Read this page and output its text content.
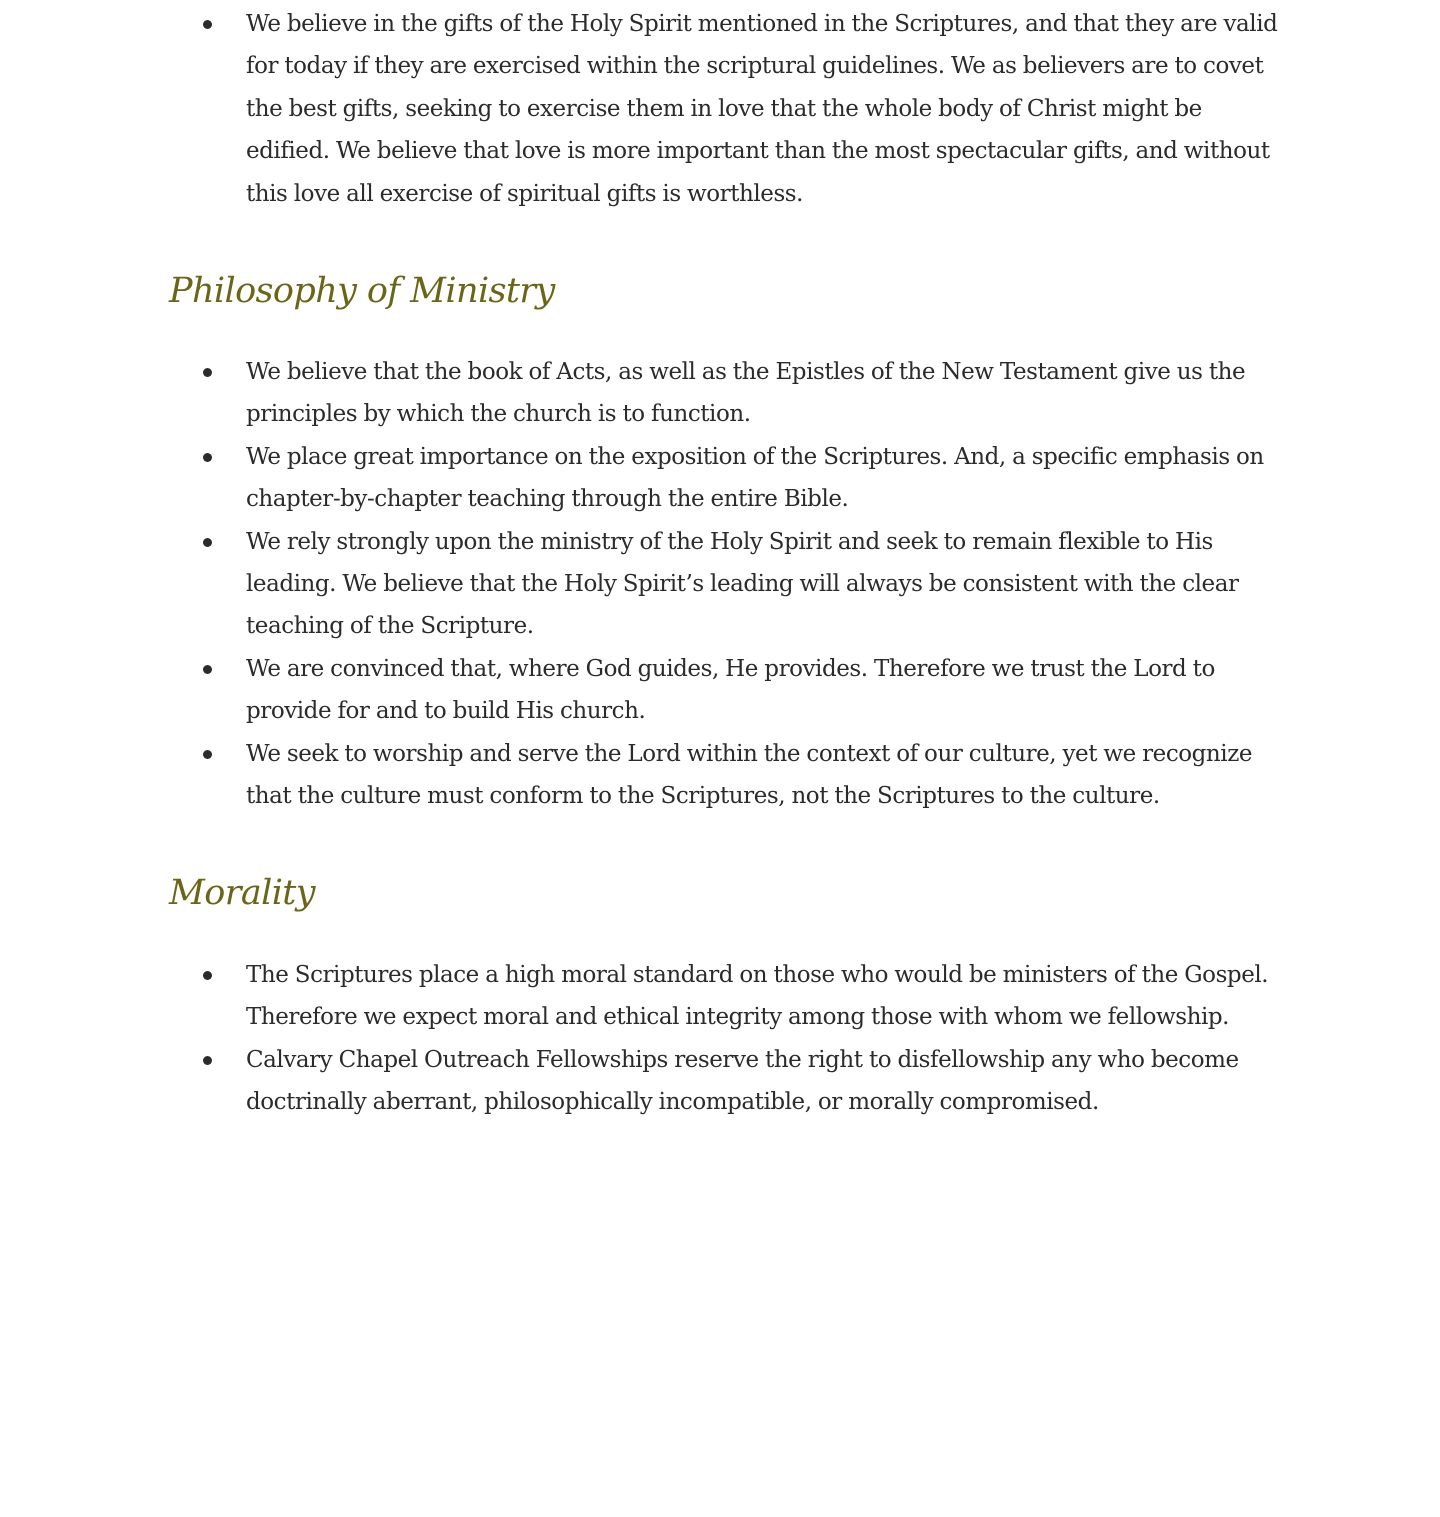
We believe in the gifts of the Holy Spirit mentioned in the Scriptures, and that they are valid for today if they are exercised within the scriptural guidelines. We as believers are to covet the best gifts, seeking to exercise them in love that the whole body of Christ might be edified. We believe that love is more important than the most spectacular gifts, and without this love all exercise of spiritual gifts is worthless.
Philosophy of Ministry
We believe that the book of Acts, as well as the Epistles of the New Testament give us the principles by which the church is to function.
We place great importance on the exposition of the Scriptures. And, a specific emphasis on chapter-by-chapter teaching through the entire Bible.
We rely strongly upon the ministry of the Holy Spirit and seek to remain flexible to His leading. We believe that the Holy Spirit’s leading will always be consistent with the clear teaching of the Scripture.
We are convinced that, where God guides, He provides. Therefore we trust the Lord to provide for and to build His church.
We seek to worship and serve the Lord within the context of our culture, yet we recognize that the culture must conform to the Scriptures, not the Scriptures to the culture.
Morality
The Scriptures place a high moral standard on those who would be ministers of the Gospel. Therefore we expect moral and ethical integrity among those with whom we fellowship.
Calvary Chapel Outreach Fellowships reserve the right to disfellowship any who become doctrinally aberrant, philosophically incompatible, or morally compromised.
